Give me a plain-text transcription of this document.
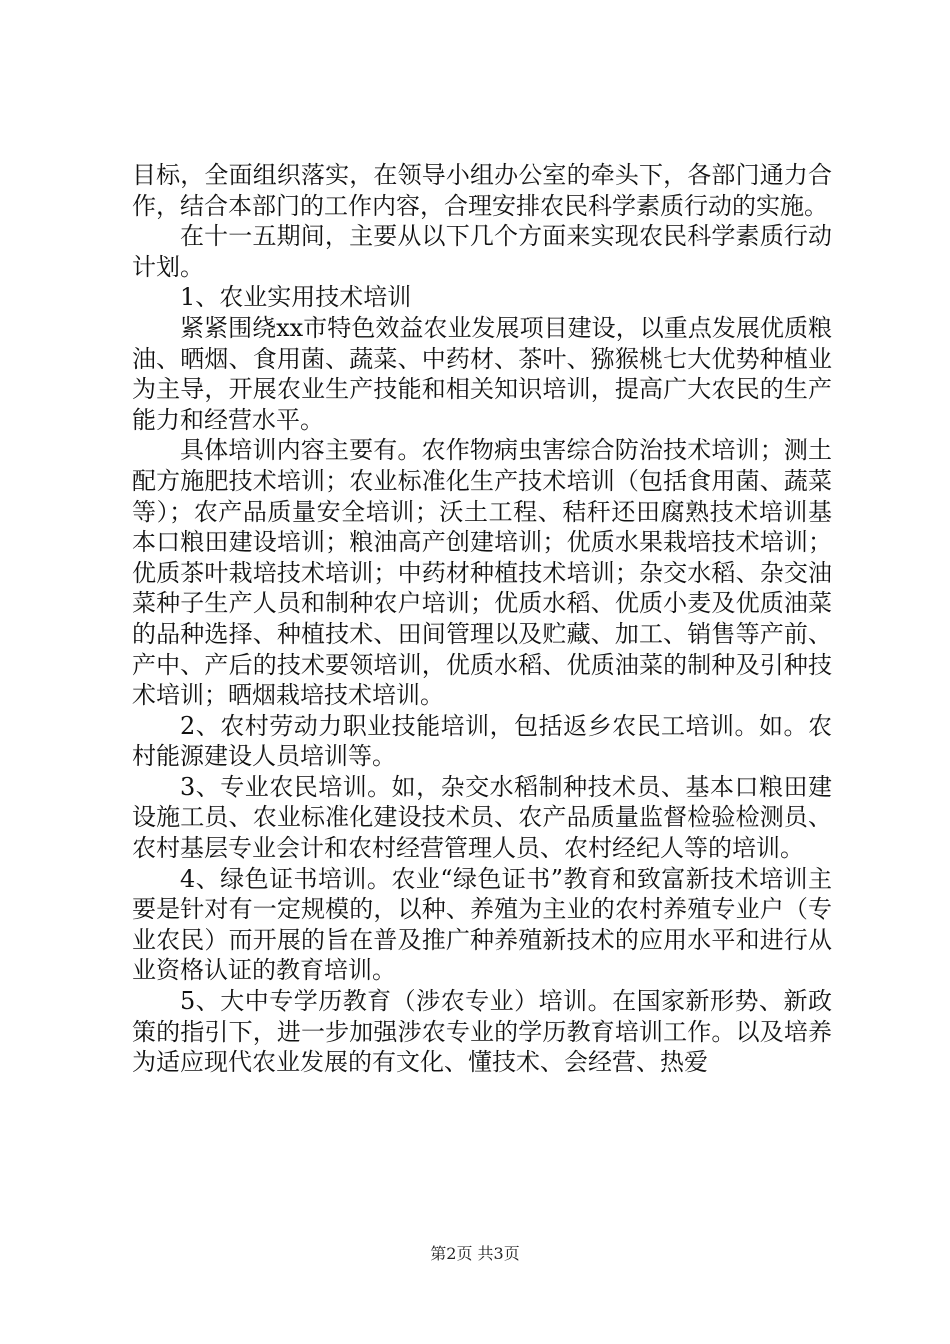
目标，全面组织落实，在领导小组办公室的牵头下，各部门通力合作，结合本部门的工作内容，合理安排农民科学素质行动的实施。

在十一五期间，主要从以下几个方面来实现农民科学素质行动计划。

1、农业实用技术培训

紧紧围绕xx市特色效益农业发展项目建设，以重点发展优质粮油、晒烟、食用菌、蔬菜、中药材、茶叶、猕猴桃七大优势种植业为主导，开展农业生产技能和相关知识培训，提高广大农民的生产能力和经营水平。

具体培训内容主要有。农作物病虫害综合防治技术培训；测土配方施肥技术培训；农业标准化生产技术培训（包括食用菌、蔬菜等）；农产品质量安全培训；沃土工程、秸秆还田腐熟技术培训基本口粮田建设培训；粮油高产创建培训；优质水果栽培技术培训；优质茶叶栽培技术培训；中药材种植技术培训；杂交水稻、杂交油菜种子生产人员和制种农户培训；优质水稻、优质小麦及优质油菜的品种选择、种植技术、田间管理以及贮藏、加工、销售等产前、产中、产后的技术要领培训，优质水稻、优质油菜的制种及引种技术培训；晒烟栽培技术培训。

2、农村劳动力职业技能培训，包括返乡农民工培训。如。农村能源建设人员培训等。

3、专业农民培训。如，杂交水稻制种技术员、基本口粮田建设施工员、农业标准化建设技术员、农产品质量监督检验检测员、农村基层专业会计和农村经营管理人员、农村经纪人等的培训。

4、绿色证书培训。农业“绿色证书”教育和致富新技术培训主要是针对有一定规模的，以种、养殖为主业的农村养殖专业户（专业农民）而开展的旨在普及推广种养殖新技术的应用水平和进行从业资格认证的教育培训。

5、大中专学历教育（涉农专业）培训。在国家新形势、新政策的指引下，进一步加强涉农专业的学历教育培训工作。以及培养为适应现代农业发展的有文化、懂技术、会经营、热爱

第2页 共3页
